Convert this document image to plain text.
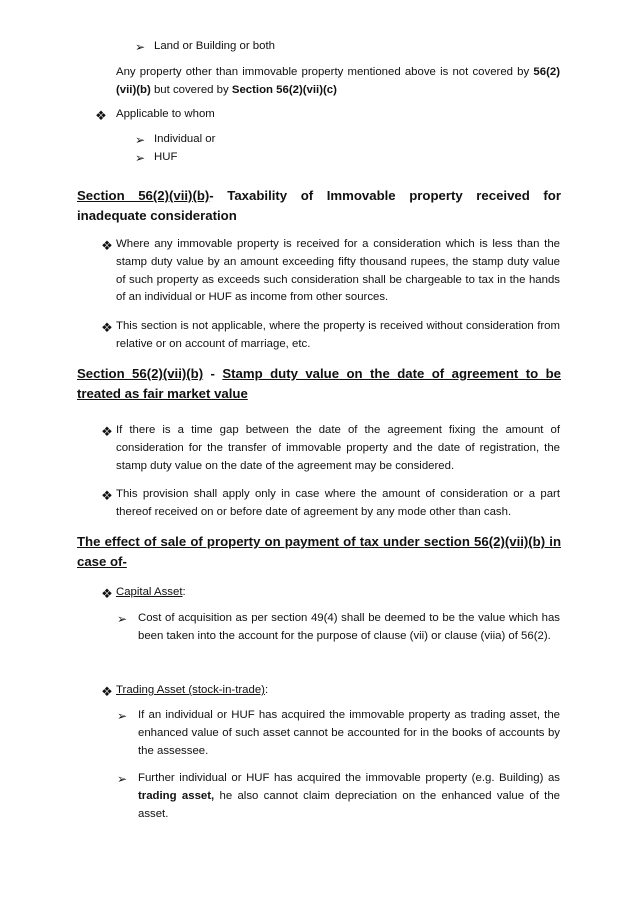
➢ Land or Building or both
Any property other than immovable property mentioned above is not covered by 56(2)(vii)(b) but covered by Section 56(2)(vii)(c)
❖ Applicable to whom
➢ Individual or
➢ HUF
Section 56(2)(vii)(b)- Taxability of Immovable property received for inadequate consideration
❖ Where any immovable property is received for a consideration which is less than the stamp duty value by an amount exceeding fifty thousand rupees, the stamp duty value of such property as exceeds such consideration shall be chargeable to tax in the hands of an individual or HUF as income from other sources.
❖ This section is not applicable, where the property is received without consideration from relative or on account of marriage, etc.
Section 56(2)(vii)(b) - Stamp duty value on the date of agreement to be treated as fair market value
❖ If there is a time gap between the date of the agreement fixing the amount of consideration for the transfer of immovable property and the date of registration, the stamp duty value on the date of the agreement may be considered.
❖ This provision shall apply only in case where the amount of consideration or a part thereof received on or before date of agreement by any mode other than cash.
The effect of sale of property on payment of tax under section 56(2)(vii)(b) in case of-
❖ Capital Asset:
➢ Cost of acquisition as per section 49(4) shall be deemed to be the value which has been taken into the account for the purpose of clause (vii) or clause (viia) of 56(2).
❖ Trading Asset (stock-in-trade):
➢ If an individual or HUF has acquired the immovable property as trading asset, the enhanced value of such asset cannot be accounted for in the books of accounts by the assessee.
➢ Further individual or HUF has acquired the immovable property (e.g. Building) as trading asset, he also cannot claim depreciation on the enhanced value of the asset.
